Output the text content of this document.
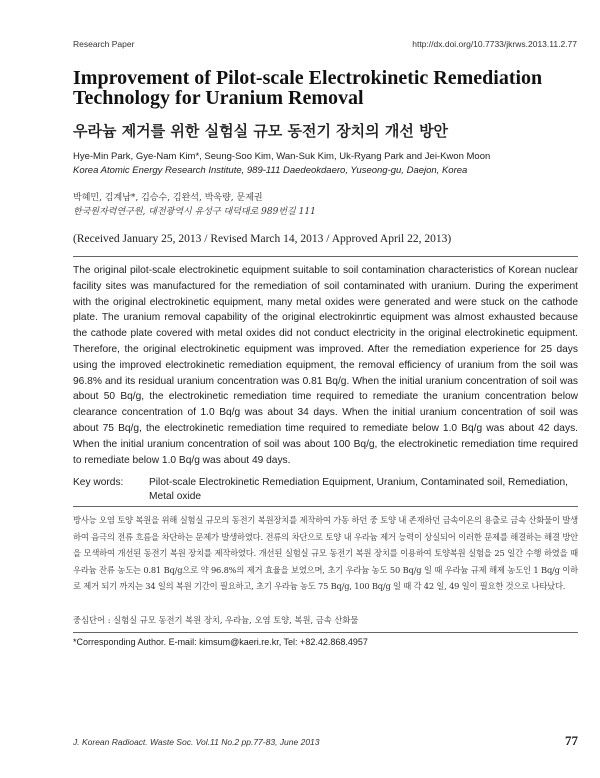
Research Paper	http://dx.doi.org/10.7733/jkrws.2013.11.2.77
Improvement of Pilot-scale Electrokinetic Remediation Technology for Uranium Removal
우라늄 제거를 위한 실험실 규모 동전기 장치의 개선 방안
Hye-Min Park, Gye-Nam Kim*, Seung-Soo Kim, Wan-Suk Kim, Uk-Ryang Park and Jei-Kwon Moon
Korea Atomic Energy Research Institute, 989-111 Daedeokdaero, Yuseong-gu, Daejon, Korea
박혜민, 김계남*, 김승수, 김완석, 박욱량, 문제권
한국원자력연구원, 대전광역시 유성구 대덕대로 989번길 111
(Received January 25, 2013 / Revised March 14, 2013 / Approved April 22, 2013)

The original pilot-scale electrokinetic equipment suitable to soil contamination characteristics of Korean nuclear facility sites was manufactured for the remediation of soil contaminated with uranium. During the experiment with the original electrokinetic equipment, many metal oxides were generated and were stuck on the cathode plate. The uranium removal capability of the original electrokinrtic equipment was almost exhausted because the cathode plate covered with metal oxides did not conduct electricity in the original electrokinetic equipment. Therefore, the original electrokinetic equipment was improved. After the remediation experience for 25 days using the improved electrokinetic remediation equipment, the removal efficiency of uranium from the soil was 96.8% and its residual uranium concentration was 0.81 Bq/g. When the initial uranium concentration of soil was about 50 Bq/g, the electrokinetic remediation time required to remediate the uranium concentration below clearance concentration of 1.0 Bq/g was about 34 days. When the initial uranium concentration of soil was about 75 Bq/g, the electrokinetic remediation time required to remediate below 1.0 Bq/g was about 42 days. When the initial uranium concentration of soil was about 100 Bq/g, the electrokinetic remediation time required to remediate below 1.0 Bq/g was about 49 days.

Key words:	Pilot-scale Electrokinetic Remediation Equipment, Uranium, Contaminated soil, Remediation, Metal oxide

방사능 오염 토양 복원을 위해 실험실 규모의 동전기 복원장치를 제작하여 가동 하던 중 토양 내 존재하던 금속이온의 용출로 금속 산화물이 발생하여 음극의 전류 흐름을 차단하는 문제가 발생하였다. 전류의 차단으로 토양 내 우라늄 제거 능력이 상실되어 이러한 문제를 해결하는 해결 방안을 모색하여 개선된 동전기 복원 장치를 제작하였다. 개선된 실험실 규모 동전기 복원 장치를 이용하여 토양복원 실험을 25 일간 수행 하였을 때 우라늄 잔류 농도는 0.81 Bq/g으로 약 96.8%의 제거 효율을 보였으며, 초기 우라늄 농도 50 Bq/g 일 때 우라늄 규제 해제 농도인 1 Bq/g 이하로 제거 되기 까지는 34 일의 복원 기간이 필요하고, 초기 우라늄 농도 75 Bq/g, 100 Bq/g 일 때 각 42 일, 49 일이 필요한 것으로 나타났다.

중심단어 : 실험실 규모 동전기 복원 장치, 우라늄, 오염 토양, 복원, 금속 산화물
*Corresponding Author. E-mail: kimsum@kaeri.re.kr, Tel: +82.42.868.4957
J. Korean Radioact. Waste Soc. Vol.11 No.2 pp.77-83, June 2013	77
